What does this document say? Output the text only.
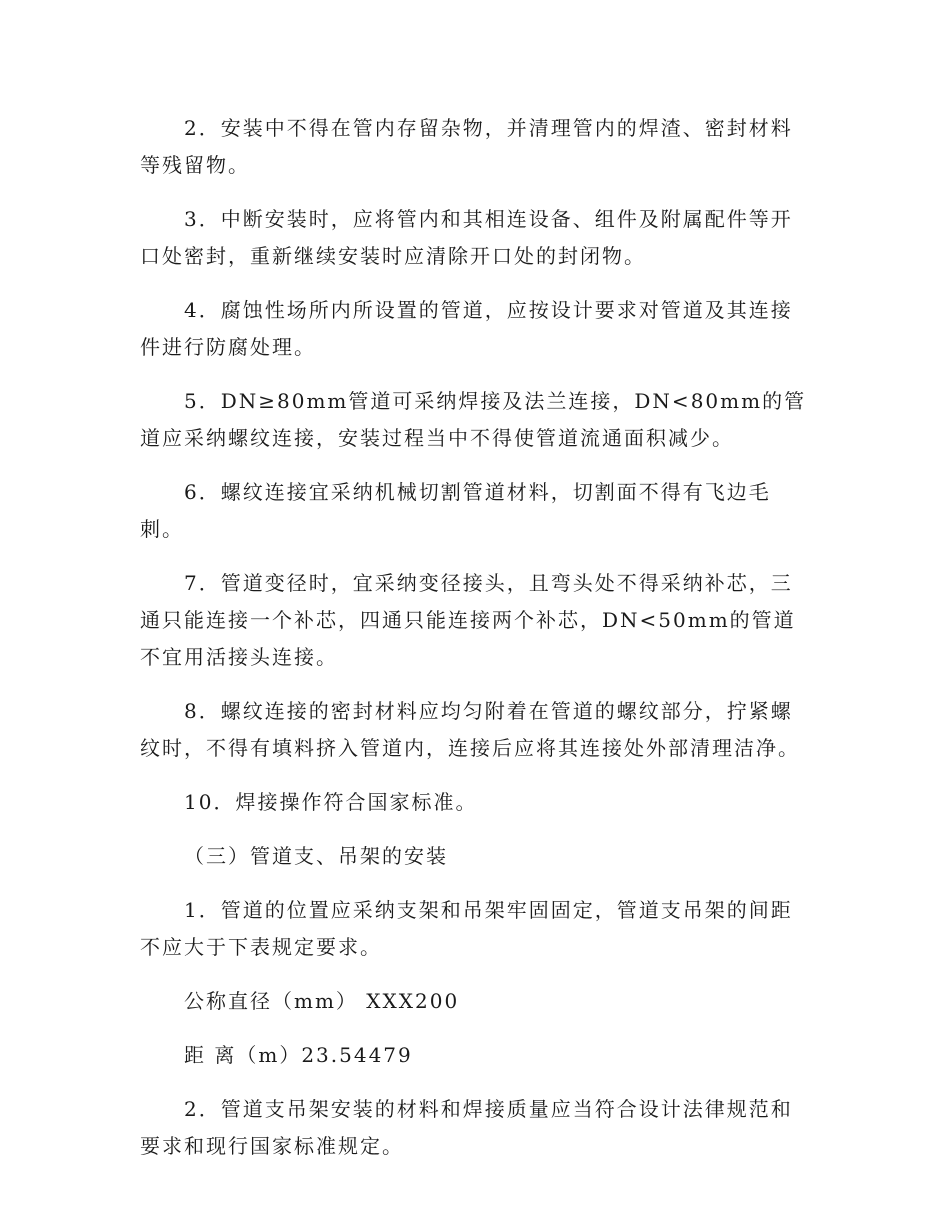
2．安装中不得在管内存留杂物，并清理管内的焊渣、密封材料等残留物。

3．中断安装时，应将管内和其相连设备、组件及附属配件等开口处密封，重新继续安装时应清除开口处的封闭物。

4．腐蚀性场所内所设置的管道，应按设计要求对管道及其连接件进行防腐处理。

5．DN≥80mm管道可采纳焊接及法兰连接，DN<80mm的管道应采纳螺纹连接，安装过程当中不得使管道流通面积减少。

6．螺纹连接宜采纳机械切割管道材料，切割面不得有飞边毛刺。

7．管道变径时，宜采纳变径接头，且弯头处不得采纳补芯，三通只能连接一个补芯，四通只能连接两个补芯，DN<50mm的管道不宜用活接头连接。

8．螺纹连接的密封材料应均匀附着在管道的螺纹部分，拧紧螺纹时，不得有填料挤入管道内，连接后应将其连接处外部清理洁净。

10．焊接操作符合国家标准。

（三）管道支、吊架的安装

1．管道的位置应采纳支架和吊架牢固固定，管道支吊架的间距不应大于下表规定要求。

公称直径（mm） XXX200

距 离（m）23.54479

2．管道支吊架安装的材料和焊接质量应当符合设计法律规范和要求和现行国家标准规定。
